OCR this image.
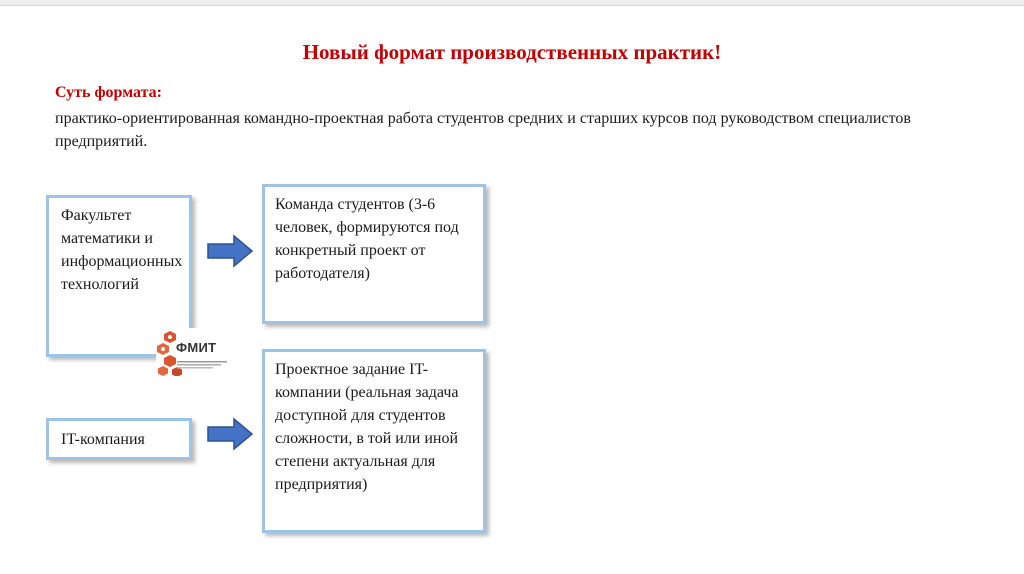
Новый формат производственных практик!
Суть формата:
практико-ориентированная командно-проектная работа студентов средних и старших курсов под руководством специалистов предприятий.
Факультет математики и информационных технологий
IT-компания
Команда студентов (3-6 человек, формируются под конкретный проект от работодателя)
Проектное задание IT-компании (реальная задача доступной для студентов сложности, в той или иной степени актуальная для предприятия)
ФМИТ
